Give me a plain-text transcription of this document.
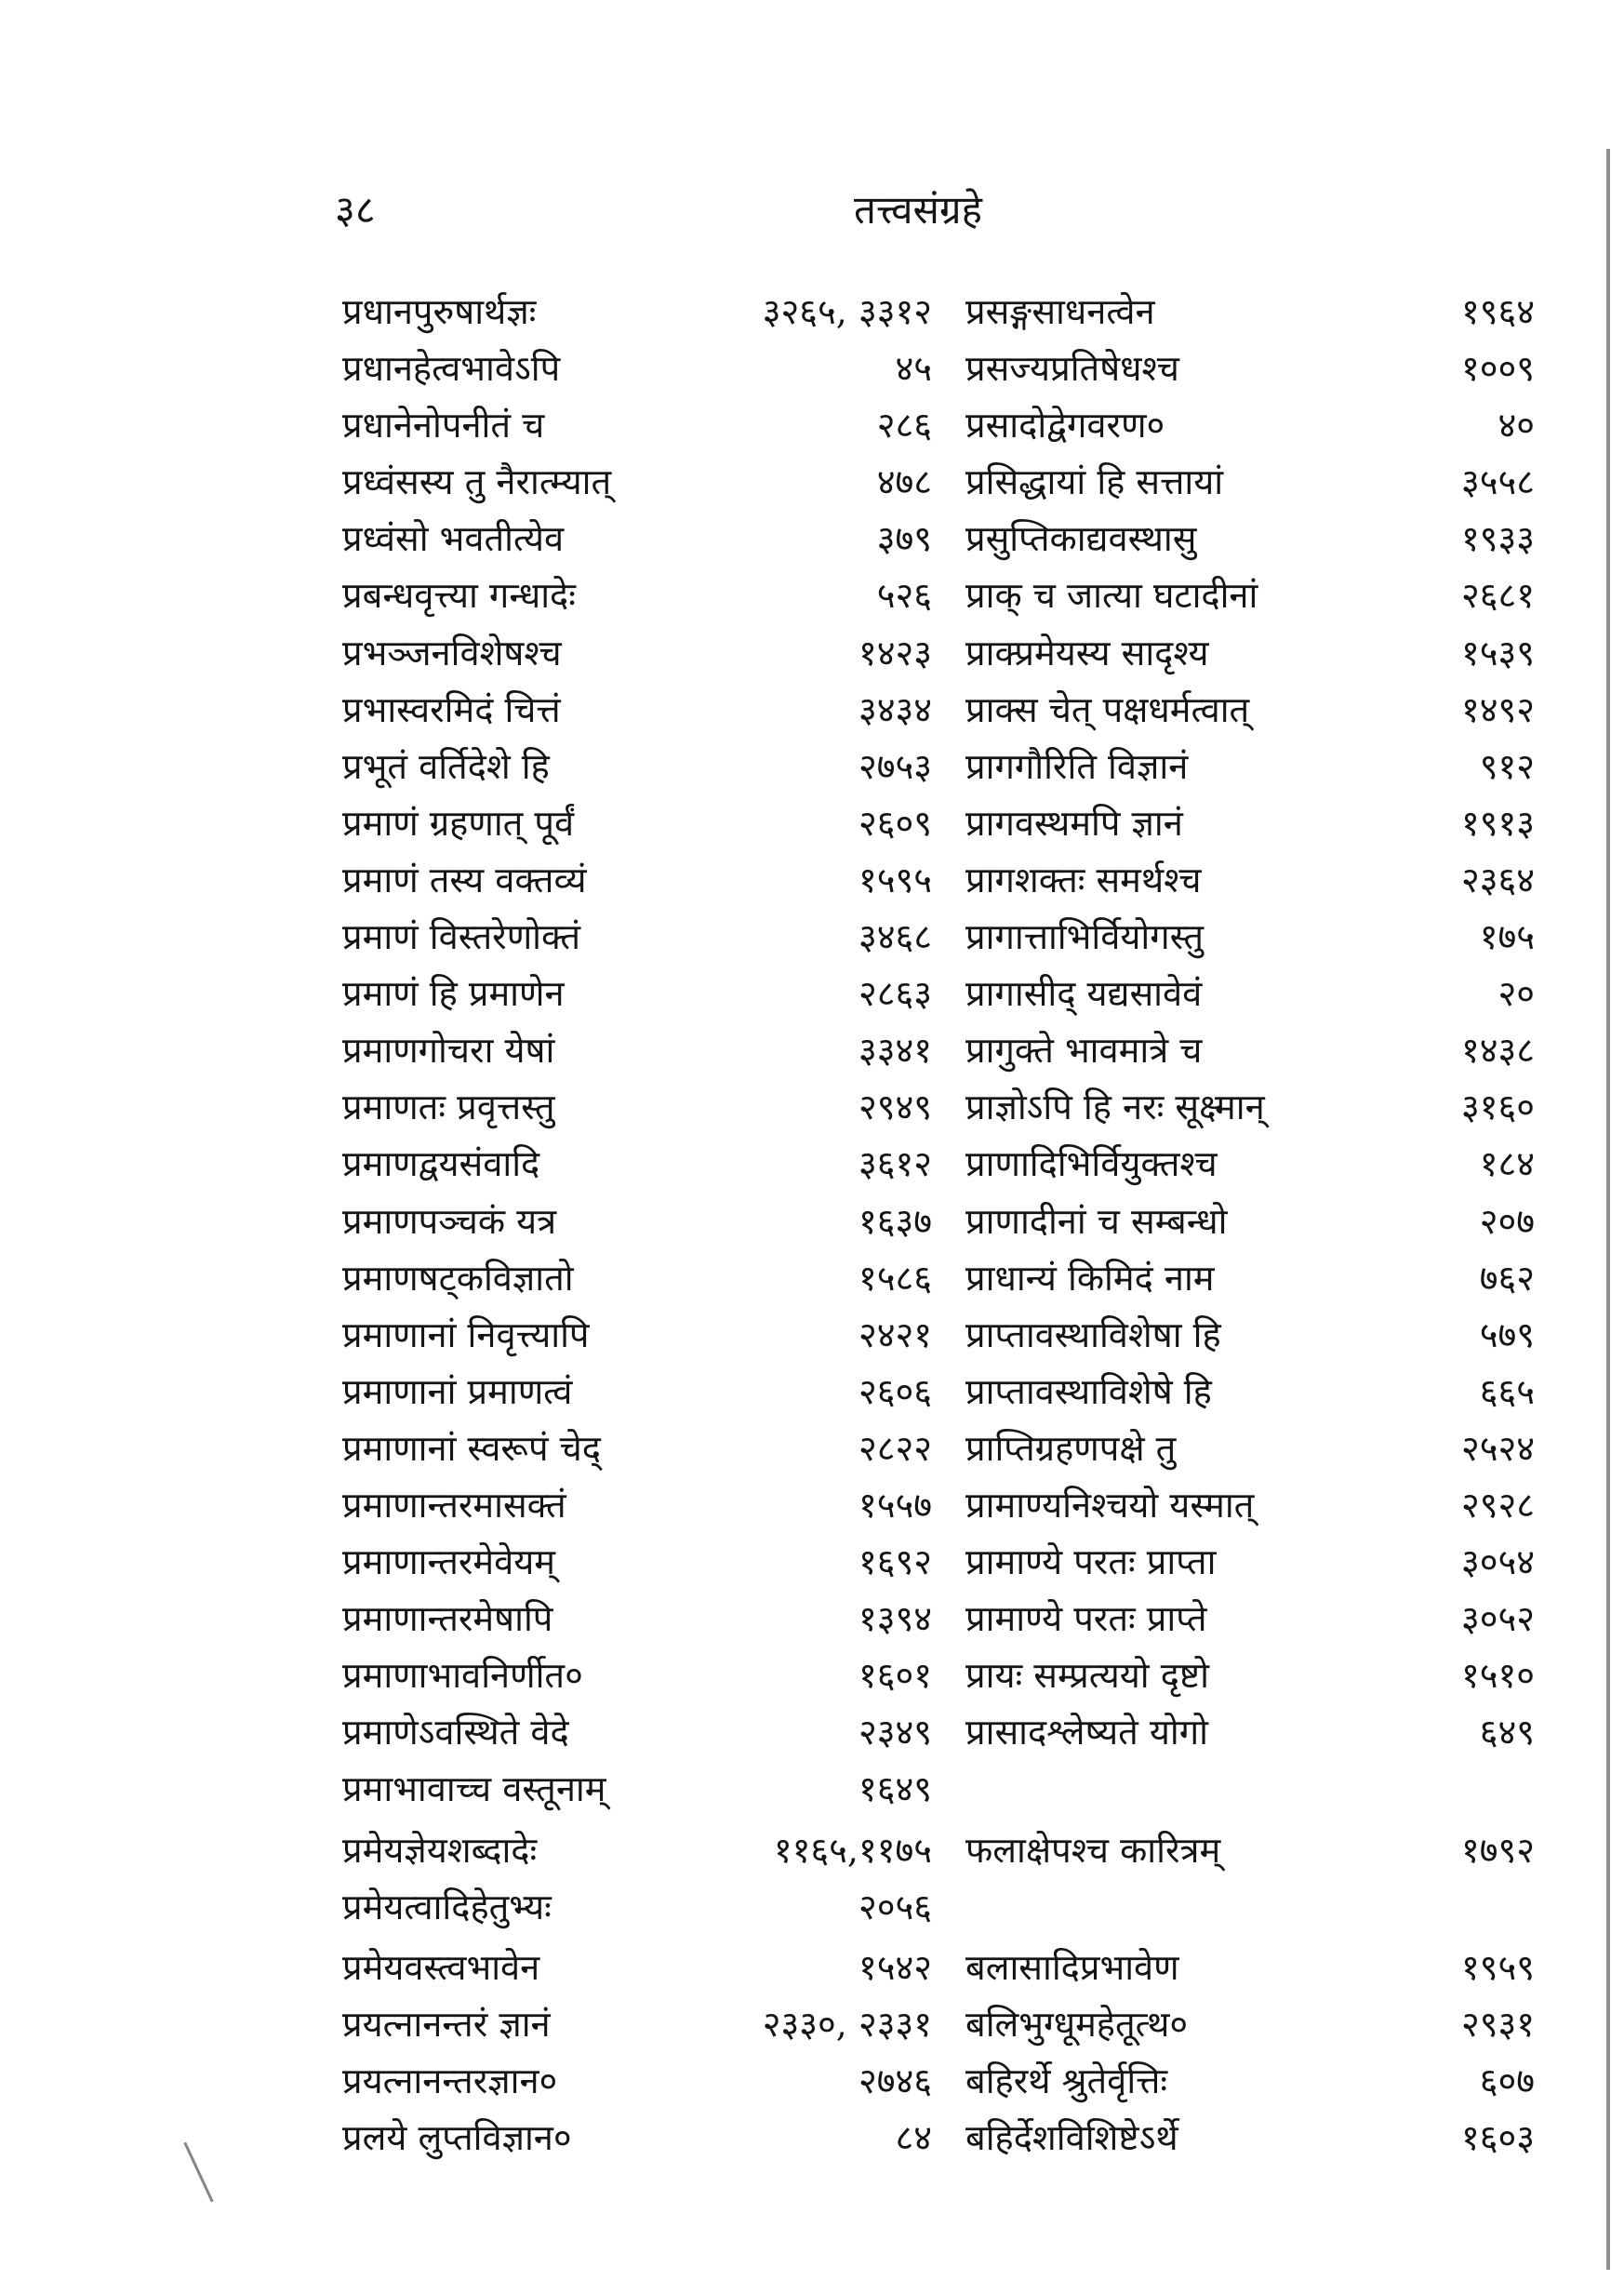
३८	तत्त्वसंग्रहे
प्रधानपुरुषार्थज्ञः	३२६५, ३३१२ प्रसङ्गसाधनत्वेन	१९६४
प्रधानहेत्वभावेऽपि	४५ प्रसज्यप्रतिषेधश्च	१००९
प्रधानेनोपनीतं च	२८६ प्रसादोद्वेगवरण०	४०
प्रध्वंसस्य तु नैरात्म्यात्	४७८ प्रसिद्धायां हि सत्तायां	३५५८
प्रध्वंसो भवतीत्येव	३७९ प्रसुप्तिकाद्यवस्थासु	१९३३
प्रबन्धवृत्त्या गन्धादेः	५२६ प्राक् च जात्या घटादीनां	२६८१
प्रभञ्जनविशेषश्च	१४२३ प्राक्प्रमेयस्य सादृश्य	१५३९
प्रभास्वरमिदं चित्तं	३४३४ प्राक्स चेत् पक्षधर्मत्वात्	१४९२
प्रभूतं वर्तिदेशे हि	२७५३ प्रागगौरिति विज्ञानं	९१२
प्रमाणं ग्रहणात् पूर्वं	२६०९ प्रागवस्थमपि ज्ञानं	१९१३
प्रमाणं तस्य वक्तव्यं	१५९५ प्रागशक्तः समर्थश्च	२३६४
प्रमाणं विस्तरेणोक्तं	३४६८ प्रागात्ताभिर्वियोगस्तु	१७५
प्रमाणं हि प्रमाणेन	२८६३ प्रागासीद् यद्यसावेवं	२०
प्रमाणगोचरा येषां	३३४१ प्रागुक्ते भावमात्रे च	१४३८
प्रमाणतः प्रवृत्तस्तु	२९४९ प्राज्ञोऽपि हि नरः सूक्ष्मान्	३१६०
प्रमाणद्वयसंवादि	३६१२ प्राणादिभिर्वियुक्तश्च	१८४
प्रमाणपञ्चकं यत्र	१६३७ प्राणादीनां च सम्बन्धो	२०७
प्रमाणषट्कविज्ञातो	१५८६ प्राधान्यं किमिदं नाम	७६२
प्रमाणानां निवृत्त्यापि	२४२१ प्राप्तावस्थाविशेषा हि	५७९
प्रमाणानां प्रमाणत्वं	२६०६ प्राप्तावस्थाविशेषे हि	६६५
प्रमाणानां स्वरूपं चेद्	२८२२ प्राप्तिग्रहणपक्षे तु	२५२४
प्रमाणान्तरमासक्तं	१५५७ प्रामाण्यनिश्चयो यस्मात्	२९२८
प्रमाणान्तरमेवेयम्	१६९२ प्रामाण्ये परतः प्राप्ता	३०५४
प्रमाणान्तरमेषापि	१३९४ प्रामाण्ये परतः प्राप्ते	३०५२
प्रमाणाभावनिर्णीत०	१६०१ प्रायः सम्प्रत्ययो दृष्टो	१५१०
प्रमाणेऽवस्थिते वेदे	२३४९ प्रासादश्लेष्यते योगो	६४९
प्रमाभावाच्च वस्तूनाम्	१६४९
प्रमेयज्ञेयशब्दादेः	११६५,११७५ फलाक्षेपश्च कारित्रम्	१७९२
प्रमेयत्वादिहेतुभ्यः	२०५६
प्रमेयवस्त्वभावेन	१५४२ बलासादिप्रभावेण	१९५९
प्रयत्नानन्तरं ज्ञानं	२३३०, २३३१ बलिभुग्धूमहेतूत्थ०	२९३१
प्रयत्नानन्तरज्ञान०	२७४६ बहिरर्थे श्रुतेर्वृत्तिः	६०७
प्रलये लुप्तविज्ञान०	८४ बहिर्देशविशिष्टेऽर्थे	१६०३
